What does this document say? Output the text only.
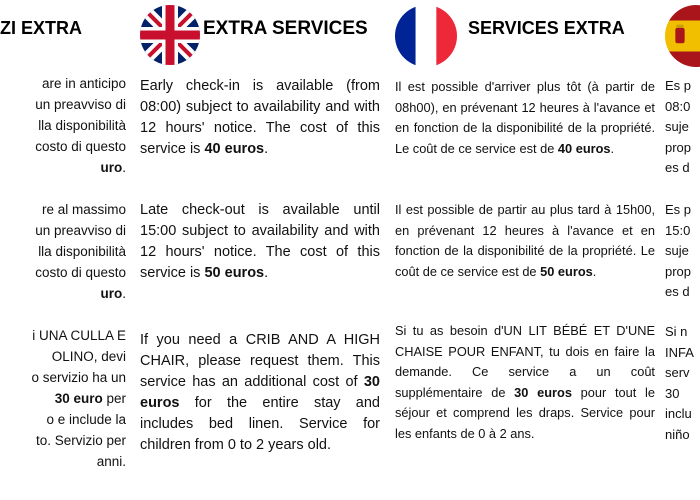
ZI EXTRA

are in anticipo
un preavviso di
lla disponibilità
costo di questo
uro.

re al massimo
un preavviso di
lla disponibilità
costo di questo
uro.

i UNA CULLA E
OLINO, devi
o servizio ha un
30 euro per
o e include la
to. Servizio per
anni.

EXTRA SERVICES

Early check-in is available (from 08:00) subject to availability and with 12 hours' notice. The cost of this service is 40 euros.

Late check-out is available until 15:00 subject to availability and with 12 hours' notice. The cost of this service is 50 euros.

If you need a CRIB AND A HIGH CHAIR, please request them. This service has an additional cost of 30 euros for the entire stay and includes bed linen. Service for children from 0 to 2 years old.

SERVICES EXTRA

Il est possible d'arriver plus tôt (à partir de 08h00), en prévenant 12 heures à l'avance et en fonction de la disponibilité de la propriété. Le coût de ce service est de 40 euros.

Il est possible de partir au plus tard à 15h00, en prévenant 12 heures à l'avance et en fonction de la disponibilité de la propriété. Le coût de ce service est de 50 euros.

Si tu as besoin d'UN LIT BÉBÉ ET D'UNE CHAISE POUR ENFANT, tu dois en faire la demande. Ce service a un coût supplémentaire de 30 euros pour tout le séjour et comprend les draps. Service pour les enfants de 0 à 2 ans.

Es p
08:0
suje
prop
es d

Es p
15:0
suje
prop
es d

Si n
INFA
serv
30
inclu
niño
